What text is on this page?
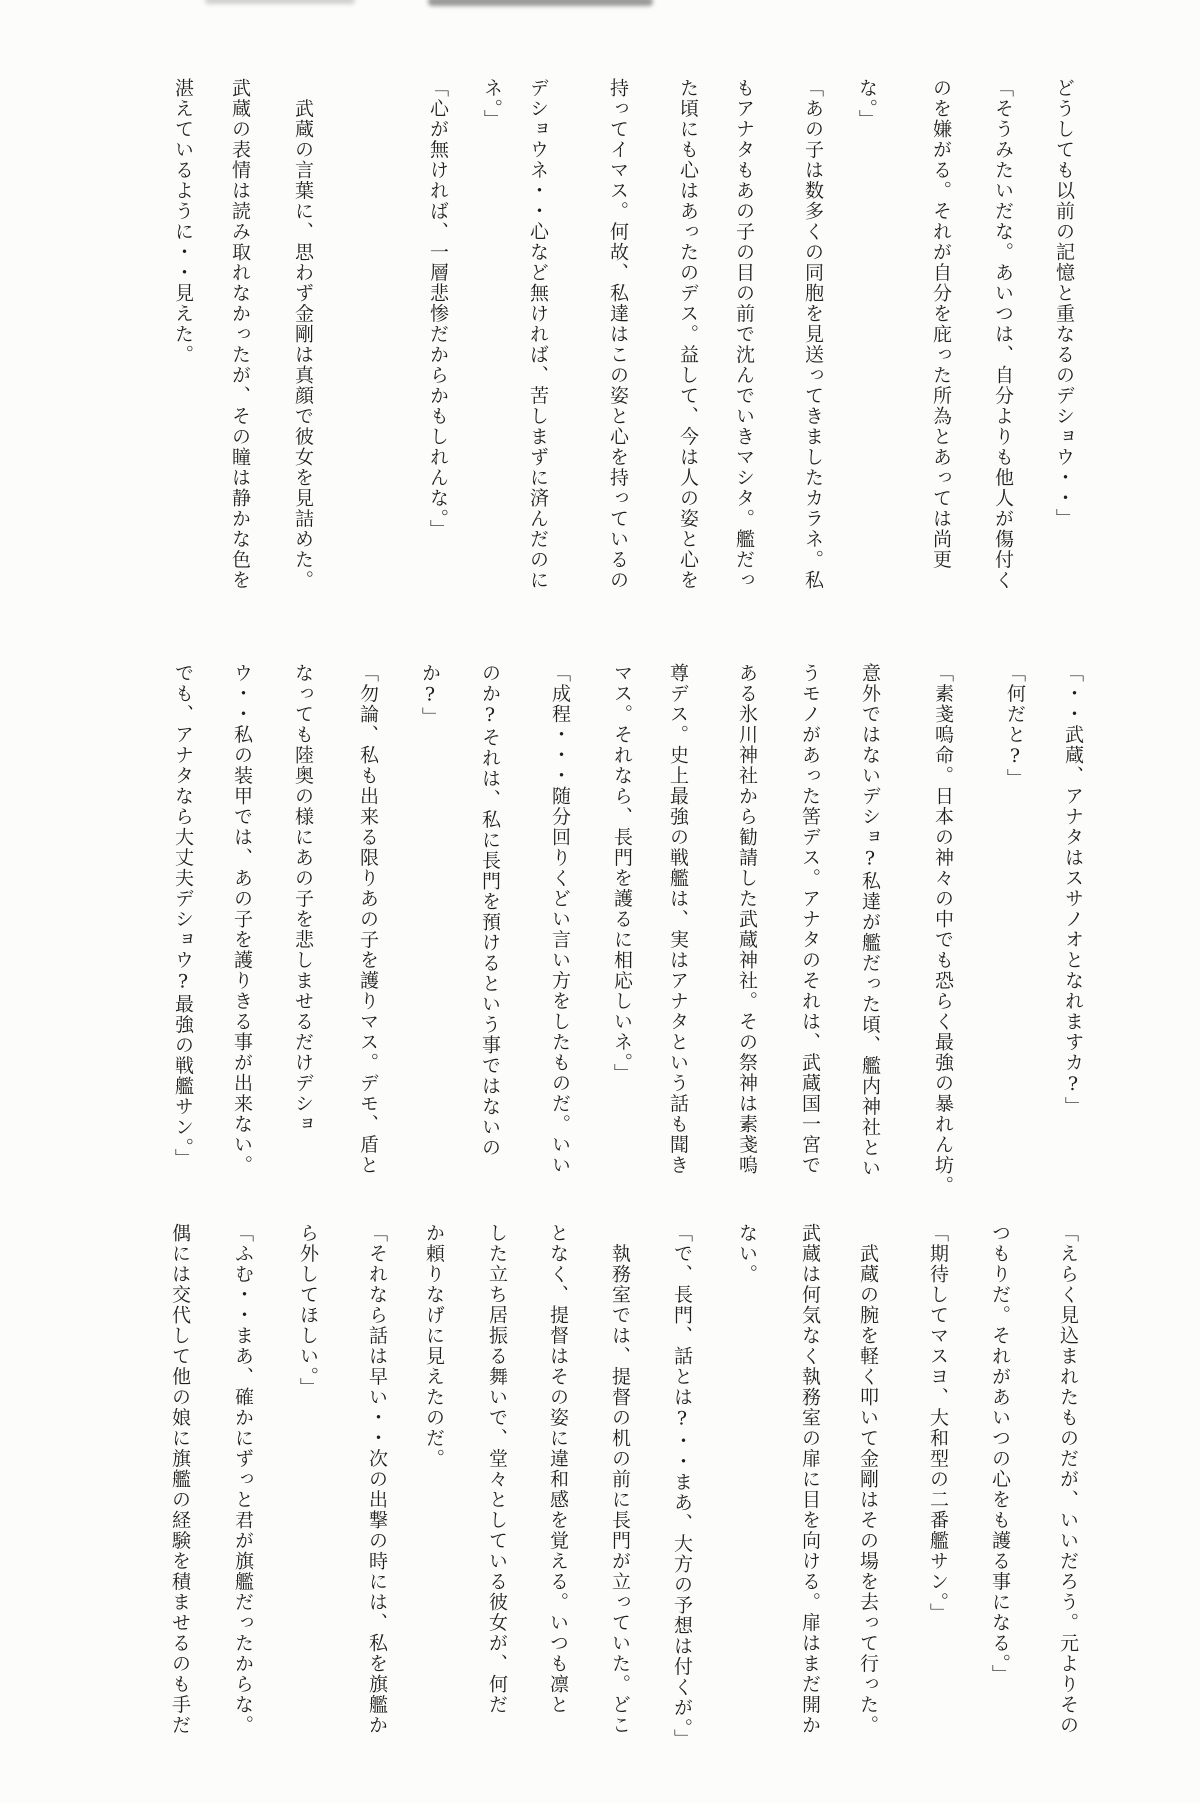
どうしても以前の記憶と重なるのデショウ・・」
「そうみたいだな。あいつは、自分よりも他人が傷付く
のを嫌がる。それが自分を庇った所為とあっては尚更
な。」
「あの子は数多くの同胞を見送ってきましたカラネ。私
もアナタもあの子の目の前で沈んでいきマシタ。艦だっ
た頃にも心はあったのデス。益して、今は人の姿と心を
持ってイマス。何故、私達はこの姿と心を持っているの
デショウネ・・心など無ければ、苦しまずに済んだのに
ネ。」
「心が無ければ、一層悲惨だからかもしれんな。」
　武蔵の言葉に、思わず金剛は真顔で彼女を見詰めた。
武蔵の表情は読み取れなかったが、その瞳は静かな色を
湛えているように・・見えた。
「・・武蔵、アナタはスサノオとなれますカ?」
「何だと?」
「素戔嗚命。日本の神々の中でも恐らく最強の暴れん坊。
意外ではないデショ?私達が艦だった頃、艦内神社とい
うモノがあった筈デス。アナタのそれは、武蔵国一宮で
ある氷川神社から勧請した武蔵神社。その祭神は素戔嗚
尊デス。史上最強の戦艦は、実はアナタという話も聞き
マス。それなら、長門を護るに相応しいネ。」
「成程・・・随分回りくどい言い方をしたものだ。いい
のか?それは、私に長門を預けるという事ではないの
か?」
「勿論、私も出来る限りあの子を護りマス。デモ、盾と
なっても陸奥の様にあの子を悲しませるだけデショ
ウ・・私の装甲では、あの子を護りきる事が出来ない。
でも、アナタなら大丈夫デショウ?最強の戦艦サン。」
「えらく見込まれたものだが、いいだろう。元よりその
つもりだ。それがあいつの心をも護る事になる。」
「期待してマスヨ、大和型の二番艦サン。」
　武蔵の腕を軽く叩いて金剛はその場を去って行った。
武蔵は何気なく執務室の扉に目を向ける。扉はまだ開か
ない。
「で、長門、話とは?・・まあ、大方の予想は付くが。」
　執務室では、提督の机の前に長門が立っていた。どこ
となく、提督はその姿に違和感を覚える。いつも凛と
した立ち居振る舞いで、堂々としている彼女が、何だ
か頼りなげに見えたのだ。
「それなら話は早い・・次の出撃の時には、私を旗艦か
ら外してほしい。」
「ふむ・・まあ、確かにずっと君が旗艦だったからな。
偶には交代して他の娘に旗艦の経験を積ませるのも手だ
